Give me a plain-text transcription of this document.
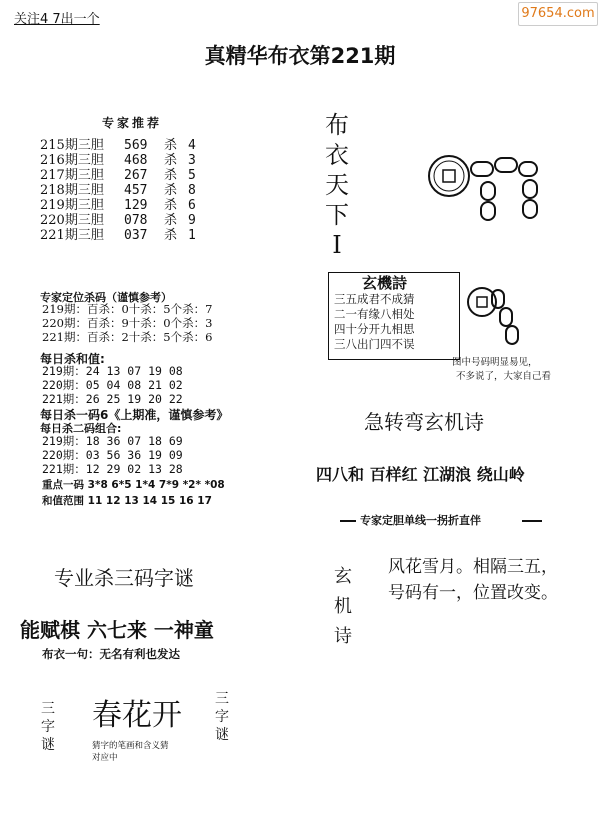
关注4 7出一个	97654.com
真精华布衣第221期
专家推荐
215期三胆 569 杀 4
216期三胆 468 杀 3
217期三胆 267 杀 5
218期三胆 457 杀 8
219期三胆 129 杀 6
220期三胆 078 杀 9
221期三胆 037 杀 1
专家定位杀码（谨慎参考）
219期：百杀：0十杀：5个杀：7
220期：百杀：9十杀：0个杀：3
221期：百杀：2十杀：5个杀：6
每日杀和值:
219期：24 13 07 19 08
220期：05 04 08 21 02
221期：26 25 19 20 22
每日杀一码6《上期准，谨慎参考》
每日杀二码组合:
219期：18 36 07 18 69
220期：03 56 36 19 09
221期：12 29 02 13 28
重点一码 3*8 6*5 1*4 7*9 *2* *08
和值范围 11 12 13 14 15 16 17
专业杀三码字谜
能赋棋 六七来 一神童
布衣一句：无名有利也发达
三字谜
春花开 三字谜
猜字的笔画和含义猜
对应中
布衣天下I
玄機詩
三五成君不成猜
二一有缘八相处
四十分开九相思
三八出门四不误
图中号码明显易见，
不多说了，大家自己看
急转弯玄机诗
四八和 百样红 江湖浪 绕山岭
专家定胆单线一拐折直伴
玄机诗
风花雪月。相隔三五，
号码有一，位置改变。
